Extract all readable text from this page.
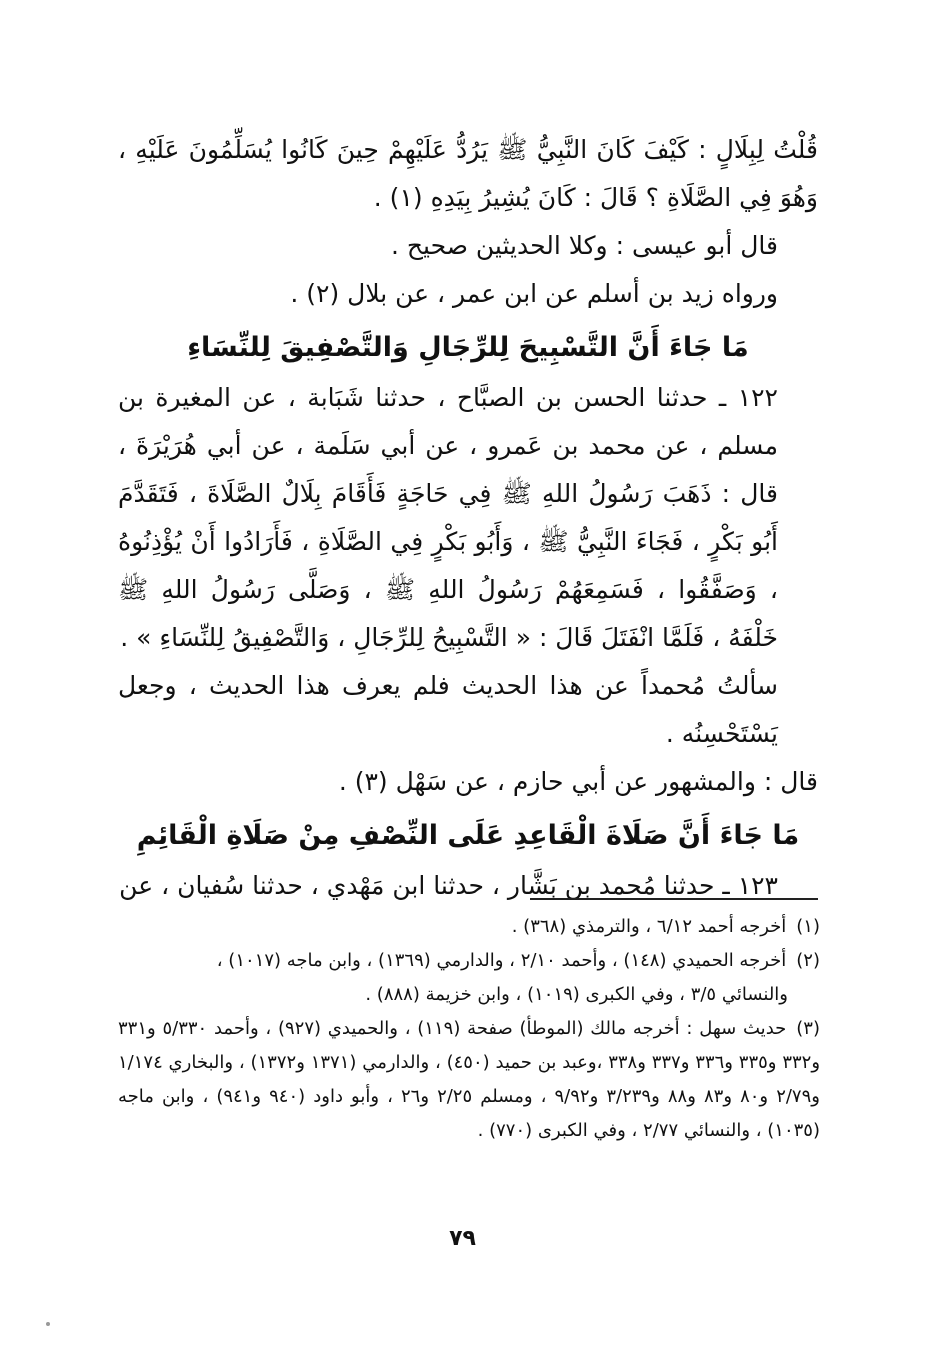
قُلْتُ لِبِلَالٍ : كَيْفَ كَانَ النَّبِيُّ ﷺ يَرُدُّ عَلَيْهِمْ حِينَ كَانُوا يُسَلِّمُونَ عَلَيْهِ ، وَهُوَ فِي الصَّلَاةِ ؟ قَالَ : كَانَ يُشِيرُ بِيَدِهِ (١) .

قال أبو عيسى : وكلا الحديثين صحيح .

ورواه زيد بن أسلم عن ابن عمر ، عن بلال (٢) .

مَا جَاءَ أَنَّ التَّسْبِيحَ لِلرِّجَالِ وَالتَّصْفِيقَ لِلنِّسَاءِ

١٢٢ ـ حدثنا الحسن بن الصبَّاح ، حدثنا شَبَابة ، عن المغيرة بن مسلم ، عن محمد بن عَمرو ، عن أبي سَلَمة ، عن أبي هُرَيْرَةَ ، قال : ذَهَبَ رَسُولُ اللهِ ﷺ فِي حَاجَةٍ فَأَقَامَ بِلَالٌ الصَّلَاةَ ، فَتَقَدَّمَ أَبُو بَكْرٍ ، فَجَاءَ النَّبِيُّ ﷺ ، وَأَبُو بَكْرٍ فِي الصَّلَاةِ ، فَأَرَادُوا أَنْ يُؤْذِنُوهُ ، وَصَفَّقُوا ، فَسَمِعَهُمْ رَسُولُ اللهِ ﷺ ، وَصَلَّى رَسُولُ اللهِ ﷺ خَلْفَهُ ، فَلَمَّا انْفَتَلَ قَالَ : « التَّسْبِيحُ لِلرِّجَالِ ، وَالتَّصْفِيقُ لِلنِّسَاءِ » .

سألتُ مُحمداً عن هذا الحديث فلم يعرف هذا الحديث ، وجعل يَسْتَحْسِنُه .

قال : والمشهور عن أبي حازم ، عن سَهْل (٣) .

مَا جَاءَ أَنَّ صَلَاةَ الْقَاعِدِ عَلَى النِّصْفِ مِنْ صَلَاةِ الْقَائِمِ

١٢٣ ـ حدثنا مُحمد بن بَشَّار ، حدثنا ابن مَهْدي ، حدثنا سُفيان ، عن

(١)أخرجه أحمد ٦/١٢ ، والترمذي (٣٦٨) .

(٢)أخرجه الحميدي (١٤٨) ، وأحمد ٢/١٠ ، والدارمي (١٣٦٩) ، وابن ماجه (١٠١٧) ،

والنسائي ٣/٥ ، وفي الكبرى (١٠١٩) ، وابن خزيمة (٨٨٨) .

(٣)حديث سهل : أخرجه مالك (الموطأ) صفحة (١١٩) ، والحميدي (٩٢٧) ، وأحمد ٥/٣٣٠ و٣٣١ و٣٣٢ و٣٣٥ و٣٣٦ و٣٣٧ و٣٣٨ ،وعبد بن حميد (٤٥٠) ، والدارمي (١٣٧١ و١٣٧٢) ، والبخاري ١/١٧٤ و٢/٧٩ و٨٠ و٨٣ و٨٨ و٣/٢٣٩ و٩/٩٢ ، ومسلم ٢/٢٥ و٢٦ ، وأبو داود (٩٤٠ و٩٤١) ، وابن ماجه (١٠٣٥) ، والنسائي ٢/٧٧ ، وفي الكبرى (٧٧٠) .

٧٩
